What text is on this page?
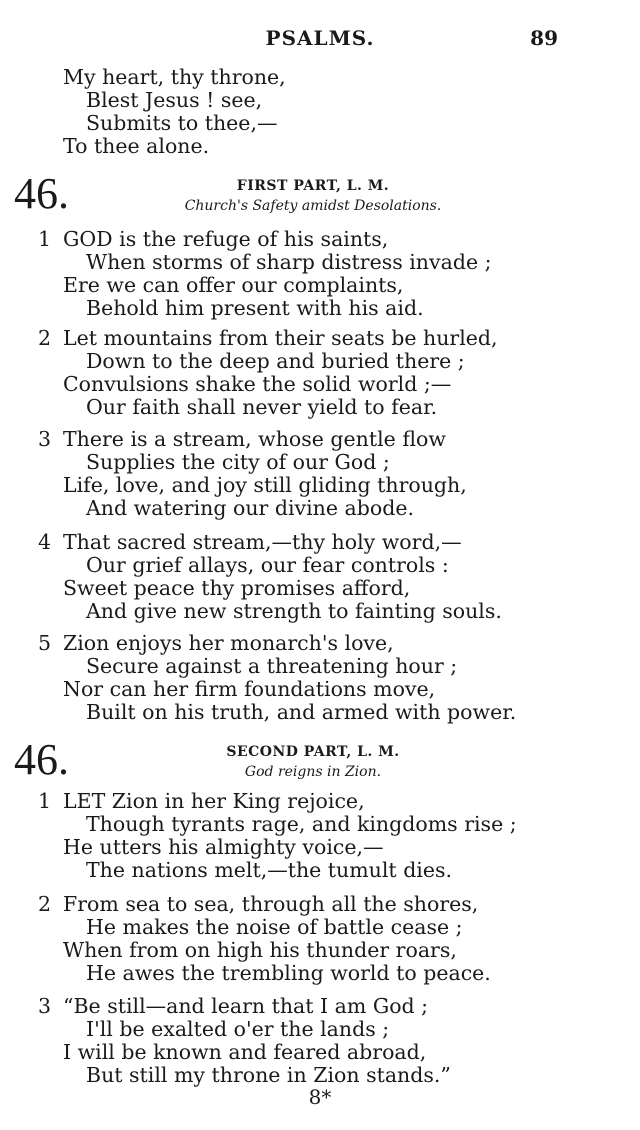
PSALMS.	89
My heart, thy throne,
Blest Jesus ! see,
Submits to thee,—
To thee alone.
46.	FIRST PART, L. M.
Church's Safety amidst Desolations.
1 GOD is the refuge of his saints,
When storms of sharp distress invade ;
Ere we can offer our complaints,
Behold him present with his aid.
2 Let mountains from their seats be hurled,
Down to the deep and buried there ;
Convulsions shake the solid world ;—
Our faith shall never yield to fear.
3 There is a stream, whose gentle flow
Supplies the city of our God ;
Life, love, and joy still gliding through,
And watering our divine abode.
4 That sacred stream,—thy holy word,—
Our grief allays, our fear controls :
Sweet peace thy promises afford,
And give new strength to fainting souls.
5 Zion enjoys her monarch's love,
Secure against a threatening hour ;
Nor can her firm foundations move,
Built on his truth, and armed with power.
46.	SECOND PART, L. M.
God reigns in Zion.
1 LET Zion in her King rejoice,
Though tyrants rage, and kingdoms rise ;
He utters his almighty voice,—
The nations melt,—the tumult dies.
2 From sea to sea, through all the shores,
He makes the noise of battle cease ;
When from on high his thunder roars,
He awes the trembling world to peace.
3 “Be still—and learn that I am God ;
I'll be exalted o'er the lands ;
I will be known and feared abroad,
But still my throne in Zion stands.”
8*
